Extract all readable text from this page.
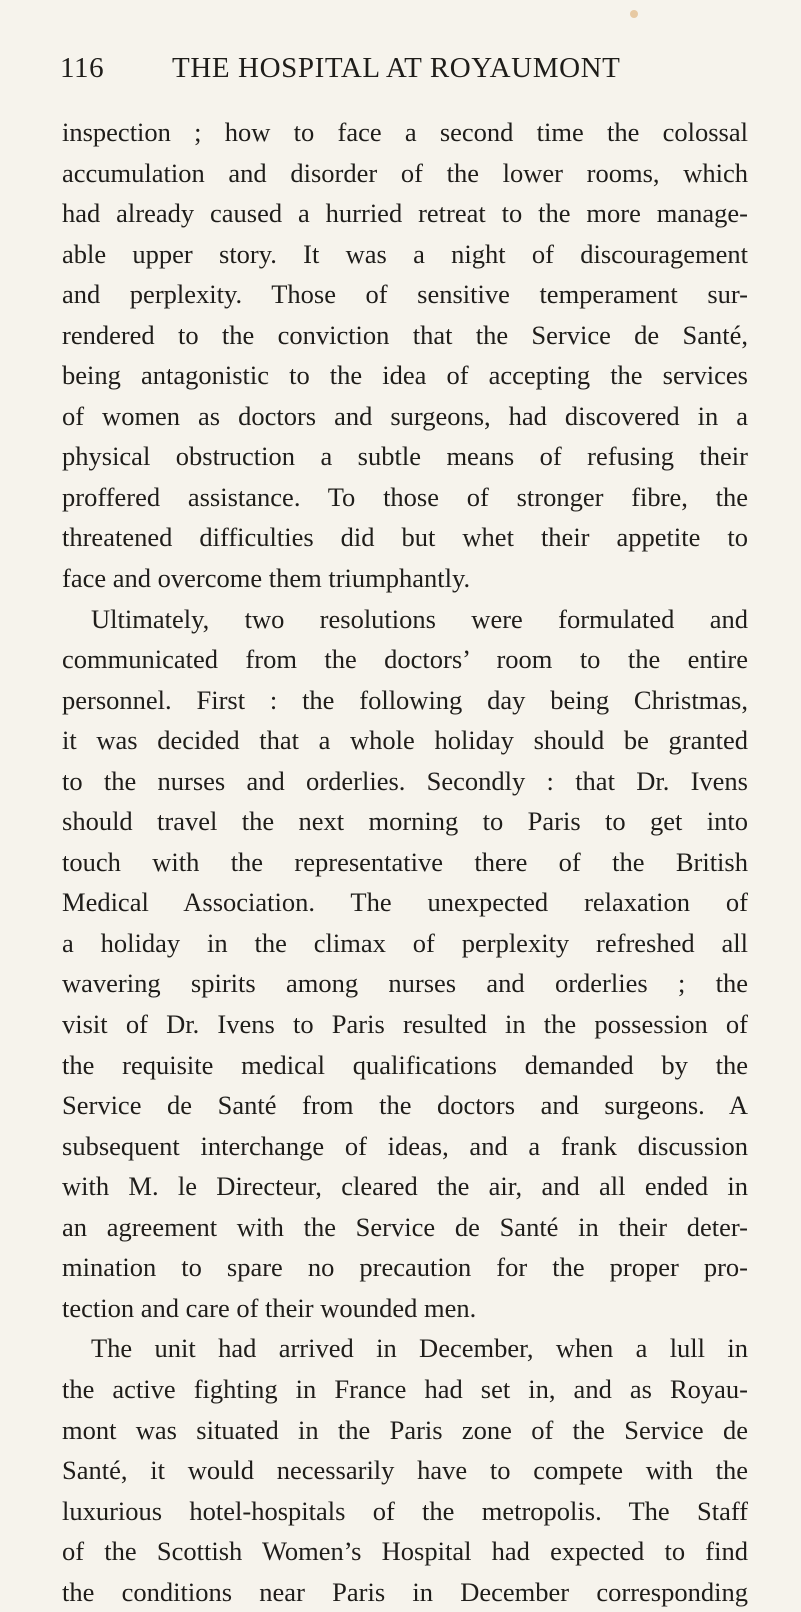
116 THE HOSPITAL AT ROYAUMONT
inspection ; how to face a second time the colossal
accumulation and disorder of the lower rooms, which
had already caused a hurried retreat to the more manage-
able upper story. It was a night of discouragement
and perplexity. Those of sensitive temperament sur-
rendered to the conviction that the Service de Santé,
being antagonistic to the idea of accepting the services
of women as doctors and surgeons, had discovered in a
physical obstruction a subtle means of refusing their
proffered assistance. To those of stronger fibre, the
threatened difficulties did but whet their appetite to
face and overcome them triumphantly.
Ultimately, two resolutions were formulated and
communicated from the doctors’ room to the entire
personnel. First : the following day being Christmas,
it was decided that a whole holiday should be granted
to the nurses and orderlies. Secondly : that Dr. Ivens
should travel the next morning to Paris to get into
touch with the representative there of the British
Medical Association. The unexpected relaxation of
a holiday in the climax of perplexity refreshed all
wavering spirits among nurses and orderlies ; the
visit of Dr. Ivens to Paris resulted in the possession of
the requisite medical qualifications demanded by the
Service de Santé from the doctors and surgeons. A
subsequent interchange of ideas, and a frank discussion
with M. le Directeur, cleared the air, and all ended in
an agreement with the Service de Santé in their deter-
mination to spare no precaution for the proper pro-
tection and care of their wounded men.
The unit had arrived in December, when a lull in
the active fighting in France had set in, and as Royau-
mont was situated in the Paris zone of the Service de
Santé, it would necessarily have to compete with the
luxurious hotel-hospitals of the metropolis. The Staff
of the Scottish Women’s Hospital had expected to find
the conditions near Paris in December corresponding
